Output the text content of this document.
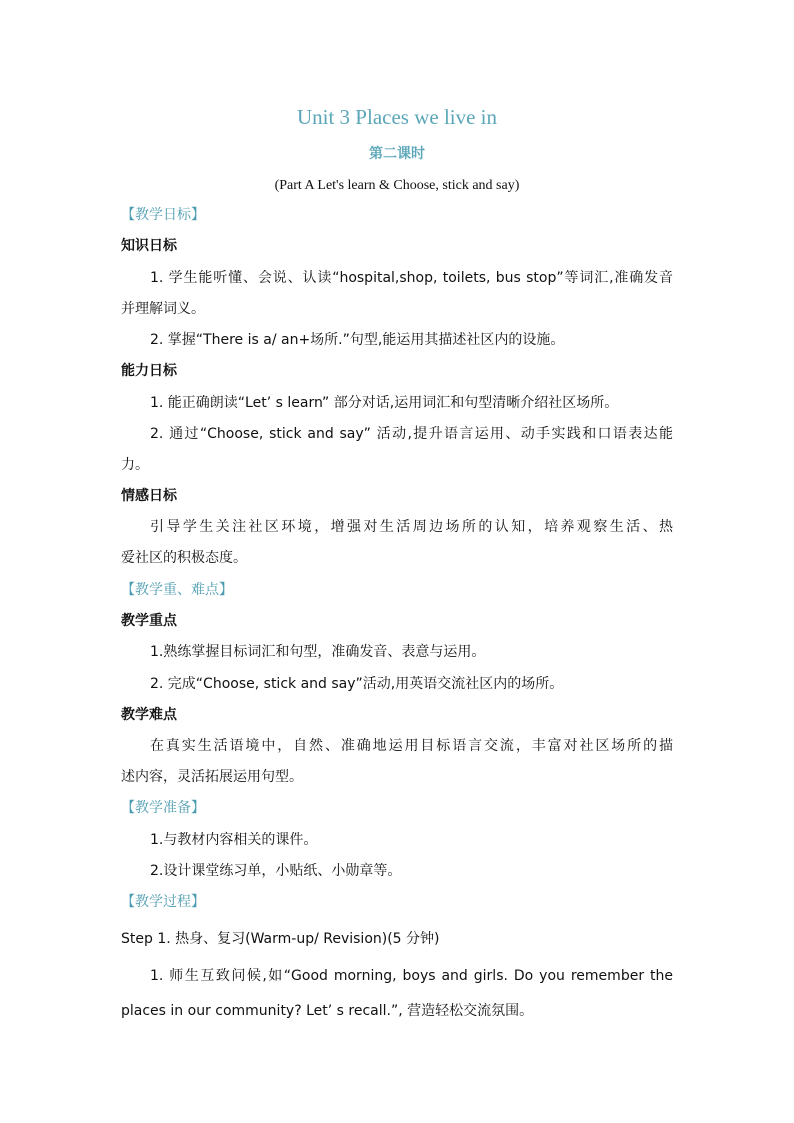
Unit 3 Places we live in
第二课时
(Part A Let's learn & Choose, stick and say)
【教学日标】
知识日标
1. 学生能听懂、会说、认读“hospital,shop, toilets, bus stop”等词汇,准确发音
并理解词义。
2. 掌握“There is a/ an+场所.”句型,能运用其描述社区内的设施。
能力日标
1. 能正确朗读“Let’ s learn” 部分对话,运用词汇和句型清晰介绍社区场所。
2. 通过“Choose, stick and say” 活动,提升语言运用、动手实践和口语表达能
力。
情感日标
引导学生关注社区环境，增强对生活周边场所的认知，培养观察生活、热
爱社区的积极态度。
【教学重、难点】
教学重点
1.熟练掌握目标词汇和句型，准确发音、表意与运用。
2. 完成“Choose, stick and say”活动,用英语交流社区内的场所。
教学难点
在真实生活语境中，自然、准确地运用目标语言交流，丰富对社区场所的描
述内容，灵活拓展运用句型。
【教学准备】
1.与教材内容相关的课件。
2.设计课堂练习单，小贴纸、小勋章等。
【教学过程】
Step 1. 热身、复习(Warm-up/ Revision)(5 分钟)
1. 师生互致问候,如“Good morning, boys and girls. Do you remember the
places in our community? Let’ s recall.”, 营造轻松交流氛围。
